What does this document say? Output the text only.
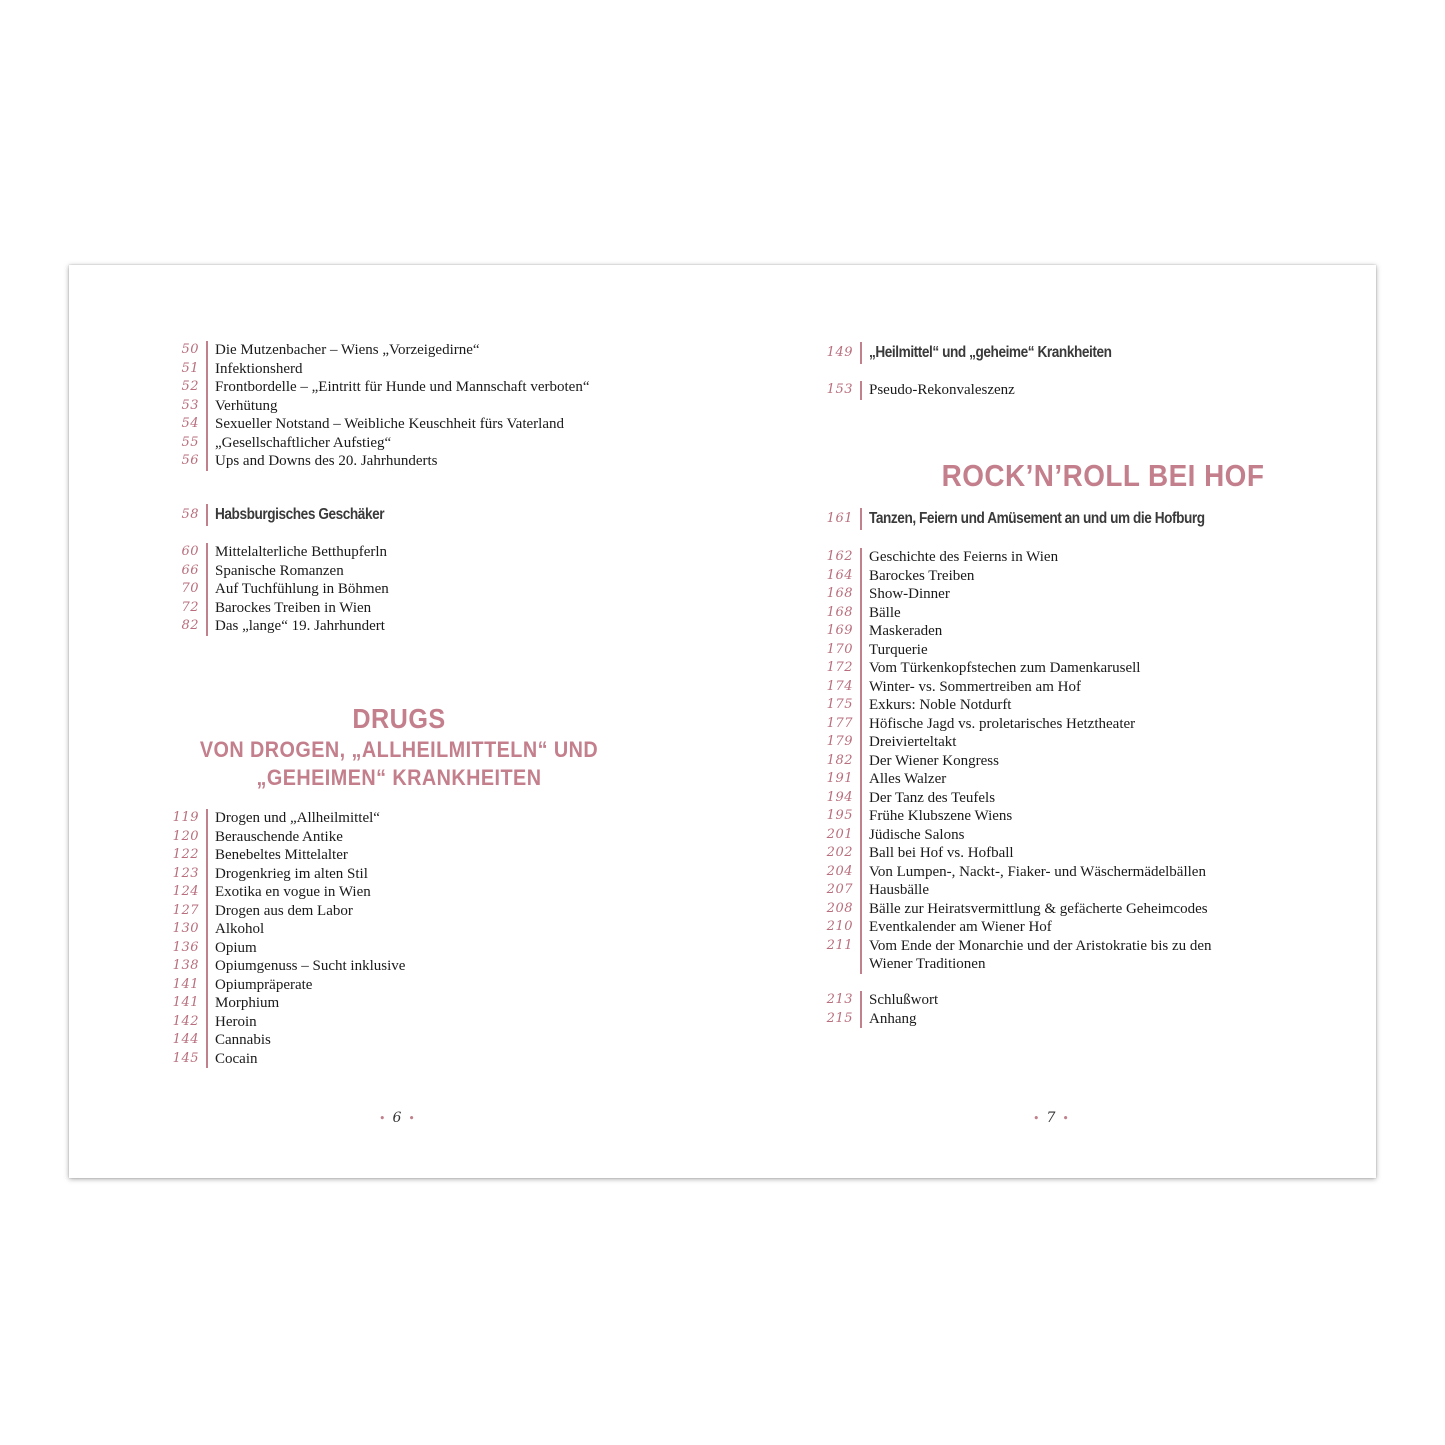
50 Die Mutzenbacher – Wiens „Vorzeigedirne“
51 Infektionsherd
52 Frontbordelle – „Eintritt für Hunde und Mannschaft verboten“
53 Verhütung
54 Sexueller Notstand – Weibliche Keuschheit fürs Vaterland
55 „Gesellschaftlicher Aufstieg“
56 Ups and Downs des 20. Jahrhunderts
58 Habsburgisches Geschäker
60 Mittelalterliche Betthupferln
66 Spanische Romanzen
70 Auf Tuchfühlung in Böhmen
72 Barockes Treiben in Wien
82 Das „lange“ 19. Jahrhundert
119 Drogen und „Allheilmittel“
120 Berauschende Antike
122 Benebeltes Mittelalter
123 Drogenkrieg im alten Stil
124 Exotika en vogue in Wien
127 Drogen aus dem Labor
130 Alkohol
136 Opium
138 Opiumgenuss – Sucht inklusive
141 Opiumpräperate
141 Morphium
142 Heroin
144 Cannabis
145 Cocain
DRUGS
VON DROGEN, „ALLHEILMITTELN“ UND
„GEHEIMEN“ KRANKHEITEN
• 6 •
149 „Heilmittel“ und „geheime“ Krankheiten
153 Pseudo-Rekonvaleszenz
161 Tanzen, Feiern und Amüsement an und um die Hofburg
162 Geschichte des Feierns in Wien
164 Barockes Treiben
168 Show-Dinner
168 Bälle
169 Maskeraden
170 Turquerie
172 Vom Türkenkopfstechen zum Damenkarusell
174 Winter- vs. Sommertreiben am Hof
175 Exkurs: Noble Notdurft
177 Höfische Jagd vs. proletarisches Hetztheater
179 Dreivierteltakt
182 Der Wiener Kongress
191 Alles Walzer
194 Der Tanz des Teufels
195 Frühe Klubszene Wiens
201 Jüdische Salons
202 Ball bei Hof vs. Hofball
204 Von Lumpen-, Nackt-, Fiaker- und Wäschermädelbällen
207 Hausbälle
208 Bälle zur Heiratsvermittlung & gefächerte Geheimcodes
210 Eventkalender am Wiener Hof
211 Vom Ende der Monarchie und der Aristokratie bis zu den
Wiener Traditionen
213 Schlußwort
215 Anhang
ROCK’N’ROLL BEI HOF
• 7 •
